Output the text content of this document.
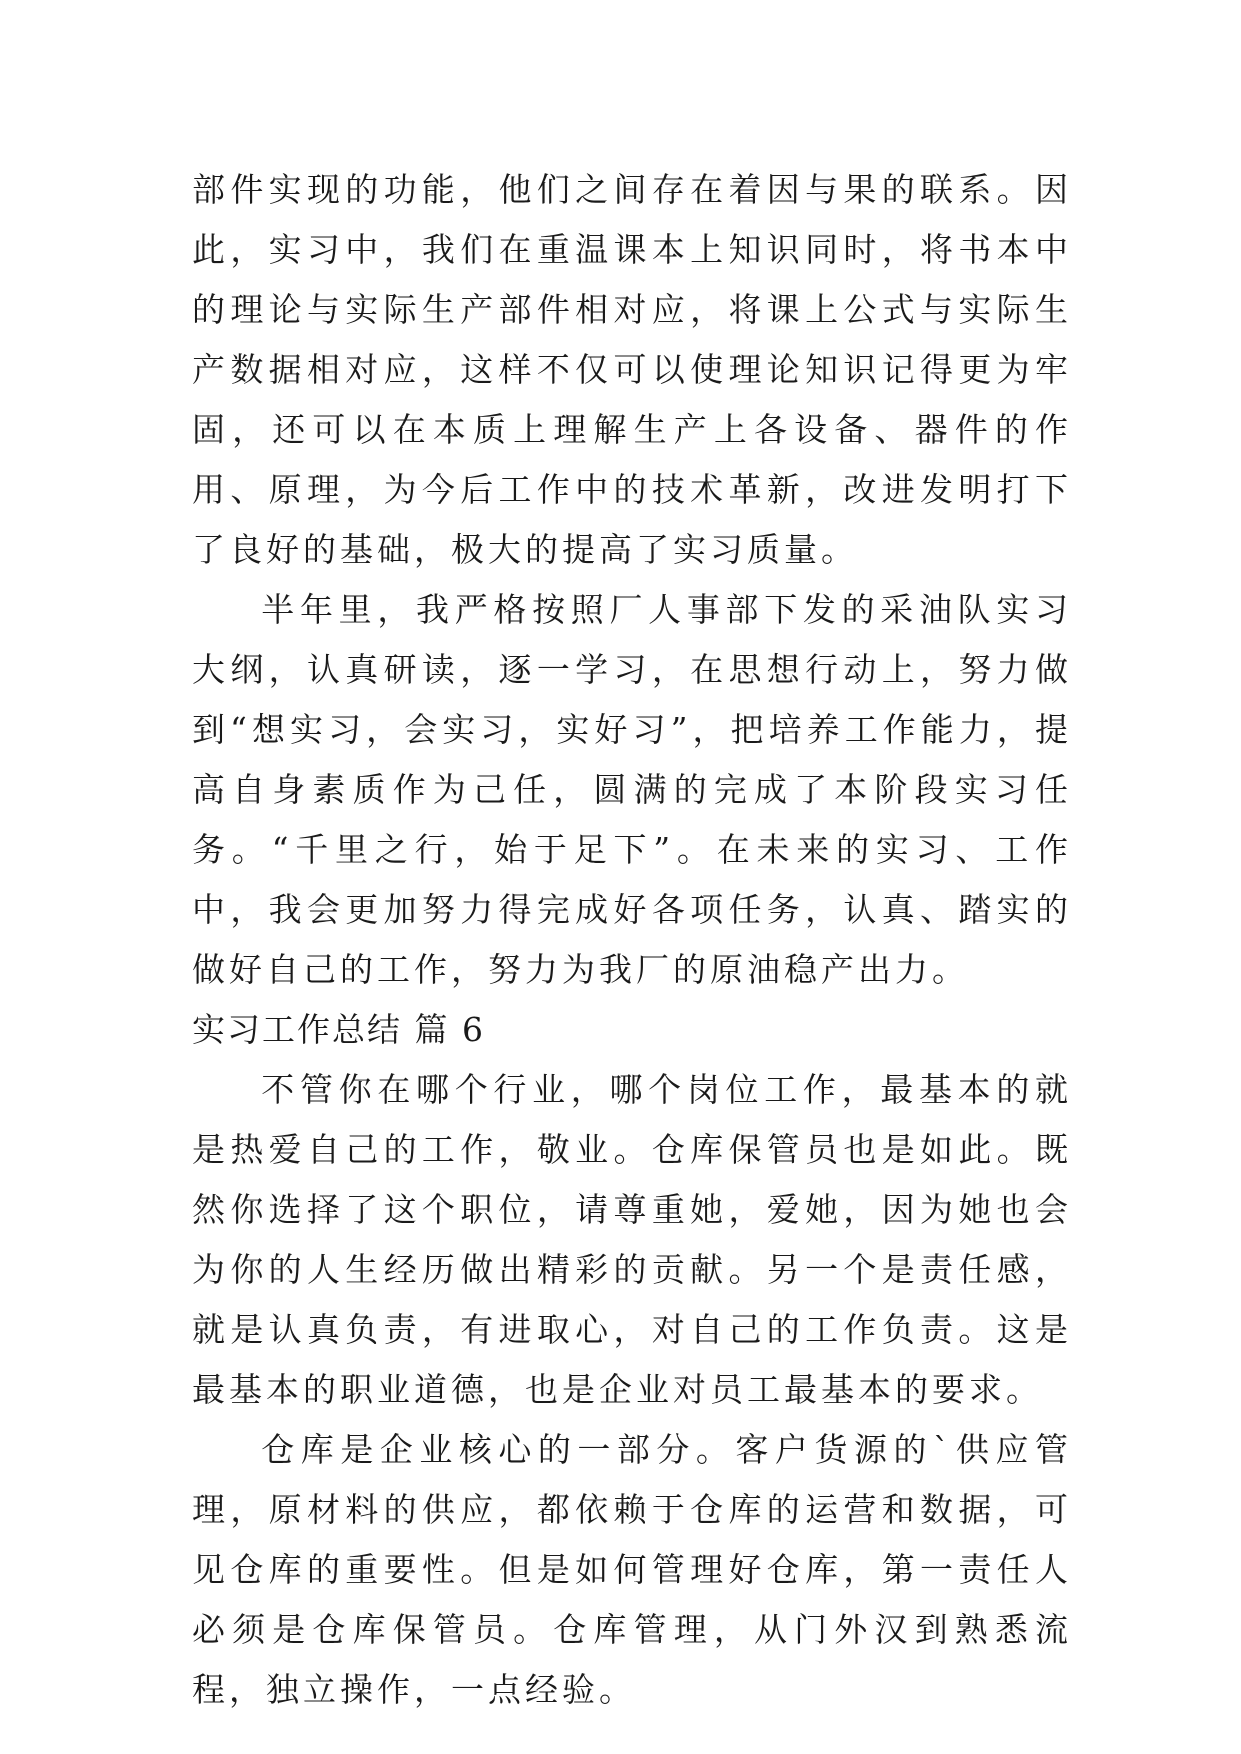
部件实现的功能，他们之间存在着因与果的联系。因此，实习中，我们在重温课本上知识同时，将书本中的理论与实际生产部件相对应，将课上公式与实际生产数据相对应，这样不仅可以使理论知识记得更为牢固，还可以在本质上理解生产上各设备、器件的作用、原理，为今后工作中的技术革新，改进发明打下了良好的基础，极大的提高了实习质量。

半年里，我严格按照厂人事部下发的采油队实习大纲，认真研读，逐一学习，在思想行动上，努力做到“想实习，会实习，实好习”，把培养工作能力，提高自身素质作为己任，圆满的完成了本阶段实习任务。“千里之行，始于足下”。在未来的实习、工作中，我会更加努力得完成好各项任务，认真、踏实的做好自己的工作，努力为我厂的原油稳产出力。

实习工作总结 篇 6

不管你在哪个行业，哪个岗位工作，最基本的就是热爱自己的工作，敬业。仓库保管员也是如此。既然你选择了这个职位，请尊重她，爱她，因为她也会为你的人生经历做出精彩的贡献。另一个是责任感，就是认真负责，有进取心，对自己的工作负责。这是最基本的职业道德，也是企业对员工最基本的要求。

仓库是企业核心的一部分。客户货源的`供应管理，原材料的供应，都依赖于仓库的运营和数据，可见仓库的重要性。但是如何管理好仓库，第一责任人必须是仓库保管员。仓库管理，从门外汉到熟悉流程，独立操作，一点经验。
